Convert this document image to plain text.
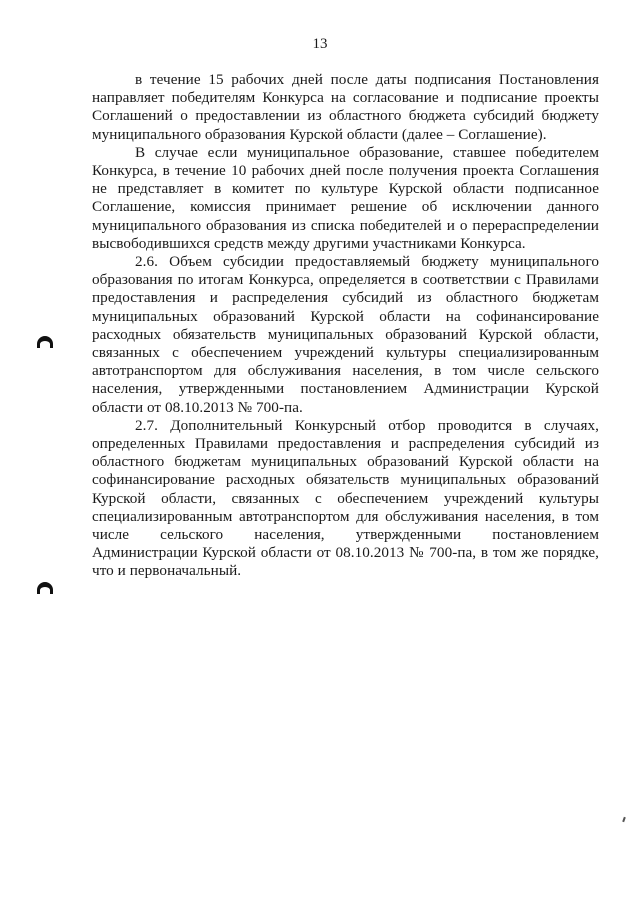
13

в течение 15 рабочих дней после даты подписания Постановления направляет победителям Конкурса на согласование и подписание проекты Соглашений о предоставлении из областного бюджета субсидий бюджету муниципального образования Курской области (далее – Соглашение).

В случае если муниципальное образование, ставшее победителем Конкурса, в течение 10 рабочих дней после получения проекта Соглашения не представляет в комитет по культуре Курской области подписанное Соглашение, комиссия принимает решение об исключении данного муниципального образования из списка победителей и о перераспределении высвободившихся средств между другими участниками Конкурса.

2.6. Объем субсидии предоставляемый бюджету муниципального образования по итогам Конкурса, определяется в соответствии с Правилами предоставления и распределения субсидий из областного бюджетам муниципальных образований Курской области на софинансирование расходных обязательств муниципальных образований Курской области, связанных с обеспечением учреждений культуры специализированным автотранспортом для обслуживания населения, в том числе сельского населения, утвержденными постановлением Администрации Курской области от 08.10.2013 № 700-па.

2.7. Дополнительный Конкурсный отбор проводится в случаях, определенных Правилами предоставления и распределения субсидий из областного бюджетам муниципальных образований Курской области на софинансирование расходных обязательств муниципальных образований Курской области, связанных с обеспечением учреждений культуры специализированным автотранспортом для обслуживания населения, в том числе сельского населения, утвержденными постановлением Администрации Курской области от 08.10.2013 № 700-па, в том же порядке, что и первоначальный.
